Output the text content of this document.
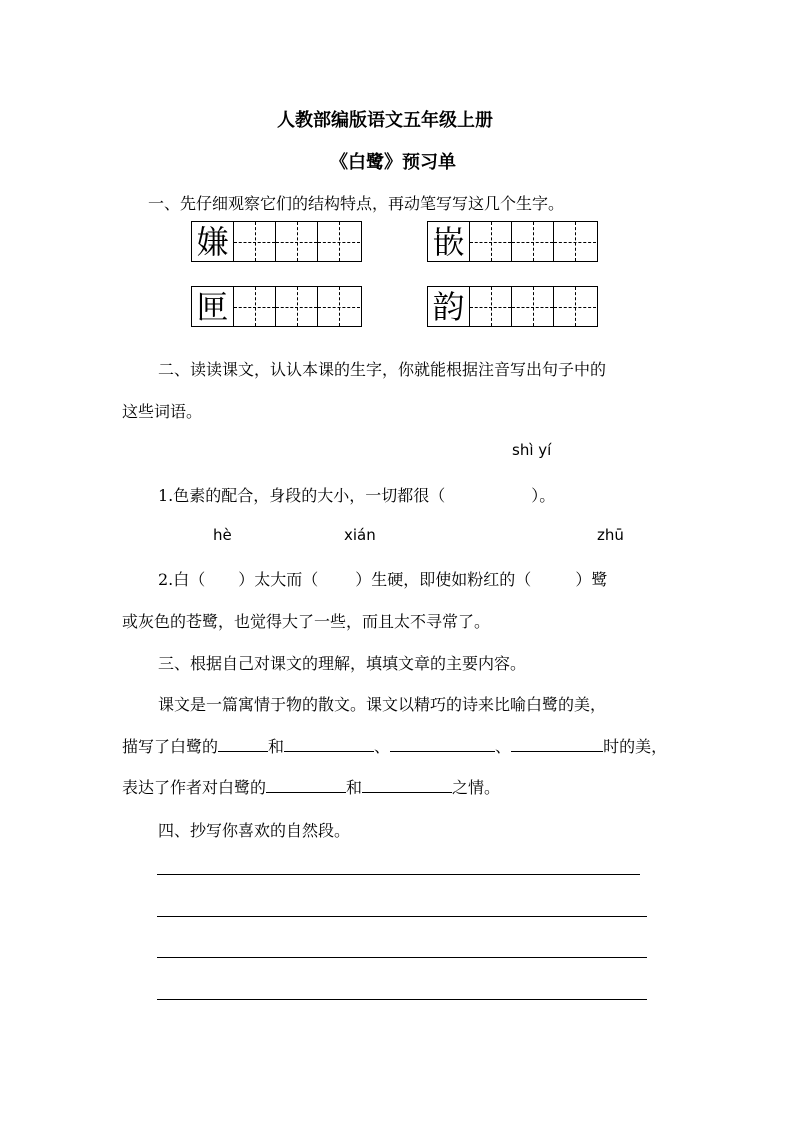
人教部编版语文五年级上册
《白鹭》预习单
一、先仔细观察它们的结构特点，再动笔写写这几个生字。
嫌	嵌
匣	韵
二、读读课文，认认本课的生字，你就能根据注音写出句子中的
这些词语。
shì yí
1.色素的配合，身段的大小，一切都很（	）。
hè	xián	zhū
2.白（ ）太大而（ ）生硬，即使如粉红的（	）鹭
或灰色的苍鹭，也觉得大了一些，而且太不寻常了。
三、根据自己对课文的理解，填填文章的主要内容。
课文是一篇寓情于物的散文。课文以精巧的诗来比喻白鹭的美，
描写了白鹭的	和	、	、	时的美，
表达了作者对白鹭的	和	之情。
四、抄写你喜欢的自然段。
